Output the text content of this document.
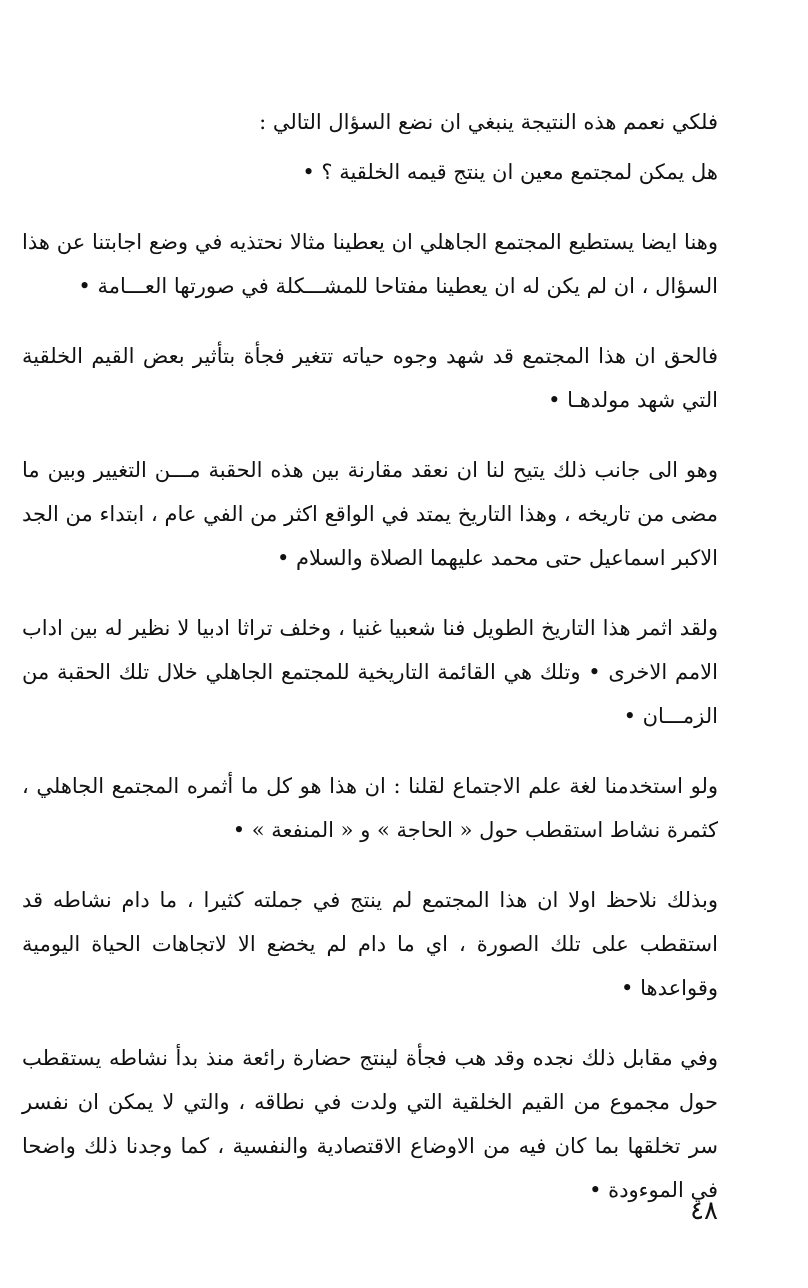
فلكي نعمم هذه النتيجة ينبغي ان نضع السؤال التالي :

هل يمكن لمجتمع معين ان ينتج قيمه الخلقية ؟ •

وهنا ايضا يستطيع المجتمع الجاهلي ان يعطينا مثالا نحتذيه في وضع اجابتنا عن هذا السؤال ، ان لم يكن له ان يعطينا مفتاحا للمشـــكلة في صورتها العـــامة •

فالحق ان هذا المجتمع قد شهد وجوه حياته تتغير فجأة بتأثير بعض القيم الخلقية التي شهد مولدهـا •

وهو الى جانب ذلك يتيح لنا ان نعقد مقارنة بين هذه الحقبة مـــن التغيير وبين ما مضى من تاريخه ، وهذا التاريخ يمتد في الواقع اكثر من الفي عام ، ابتداء من الجد الاكبر اسماعيل حتى محمد عليهما الصلاة والسلام •

ولقد اثمر هذا التاريخ الطويل فنا شعبيا غنيا ، وخلف تراثا ادبيا لا نظير له بين اداب الامم الاخرى • وتلك هي القائمة التاريخية للمجتمع الجاهلي خلال تلك الحقبة من الزمـــان •

ولو استخدمنا لغة علم الاجتماع لقلنا : ان هذا هو كل ما أثمره المجتمع الجاهلي ، كثمرة نشاط استقطب حول « الحاجة » و « المنفعة » •

وبذلك نلاحظ اولا ان هذا المجتمع لم ينتج في جملته كثيرا ، ما دام نشاطه قد استقطب على تلك الصورة ، اي ما دام لم يخضع الا لاتجاهات الحياة اليومية وقواعدها •

وفي مقابل ذلك نجده وقد هب فجأة لينتج حضارة رائعة منذ بدأ نشاطه يستقطب حول مجموع من القيم الخلقية التي ولدت في نطاقه ، والتي لا يمكن ان نفسر سر تخلقها بما كان فيه من الاوضاع الاقتصادية والنفسية ، كما وجدنا ذلك واضحا في الموءودة •

٤٨
